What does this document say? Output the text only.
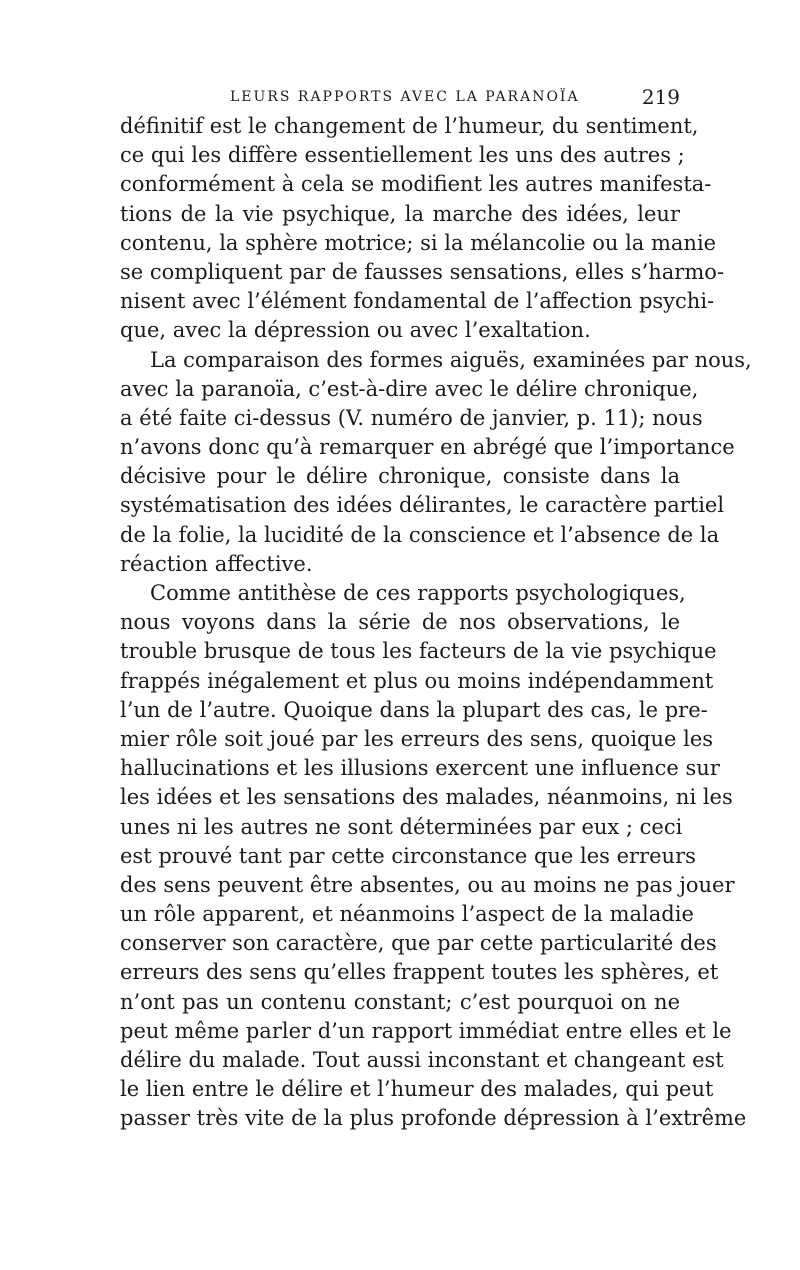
LEURS RAPPORTS AVEC LA PARANOÏA	219
définitif est le changement de l’humeur, du sentiment,
ce qui les diffère essentiellement les uns des autres ;
conformément à cela se modifient les autres manifesta-
tions de la vie psychique, la marche des idées, leur
contenu, la sphère motrice; si la mélancolie ou la manie
se compliquent par de fausses sensations, elles s’harmo-
nisent avec l’élément fondamental de l’affection psychi-
que, avec la dépression ou avec l’exaltation.
La comparaison des formes aiguës, examinées par nous,
avec la paranoïa, c’est-à-dire avec le délire chronique,
a été faite ci-dessus (V. numéro de janvier, p. 11); nous
n’avons donc qu’à remarquer en abrégé que l’importance
décisive pour le délire chronique, consiste dans la
systématisation des idées délirantes, le caractère partiel
de la folie, la lucidité de la conscience et l’absence de la
réaction affective.
Comme antithèse de ces rapports psychologiques,
nous voyons dans la série de nos observations, le
trouble brusque de tous les facteurs de la vie psychique
frappés inégalement et plus ou moins indépendamment
l’un de l’autre. Quoique dans la plupart des cas, le pre-
mier rôle soit joué par les erreurs des sens, quoique les
hallucinations et les illusions exercent une influence sur
les idées et les sensations des malades, néanmoins, ni les
unes ni les autres ne sont déterminées par eux ; ceci
est prouvé tant par cette circonstance que les erreurs
des sens peuvent être absentes, ou au moins ne pas jouer
un rôle apparent, et néanmoins l’aspect de la maladie
conserver son caractère, que par cette particularité des
erreurs des sens qu’elles frappent toutes les sphères, et
n’ont pas un contenu constant; c’est pourquoi on ne
peut même parler d’un rapport immédiat entre elles et le
délire du malade. Tout aussi inconstant et changeant est
le lien entre le délire et l’humeur des malades, qui peut
passer très vite de la plus profonde dépression à l’extrême
